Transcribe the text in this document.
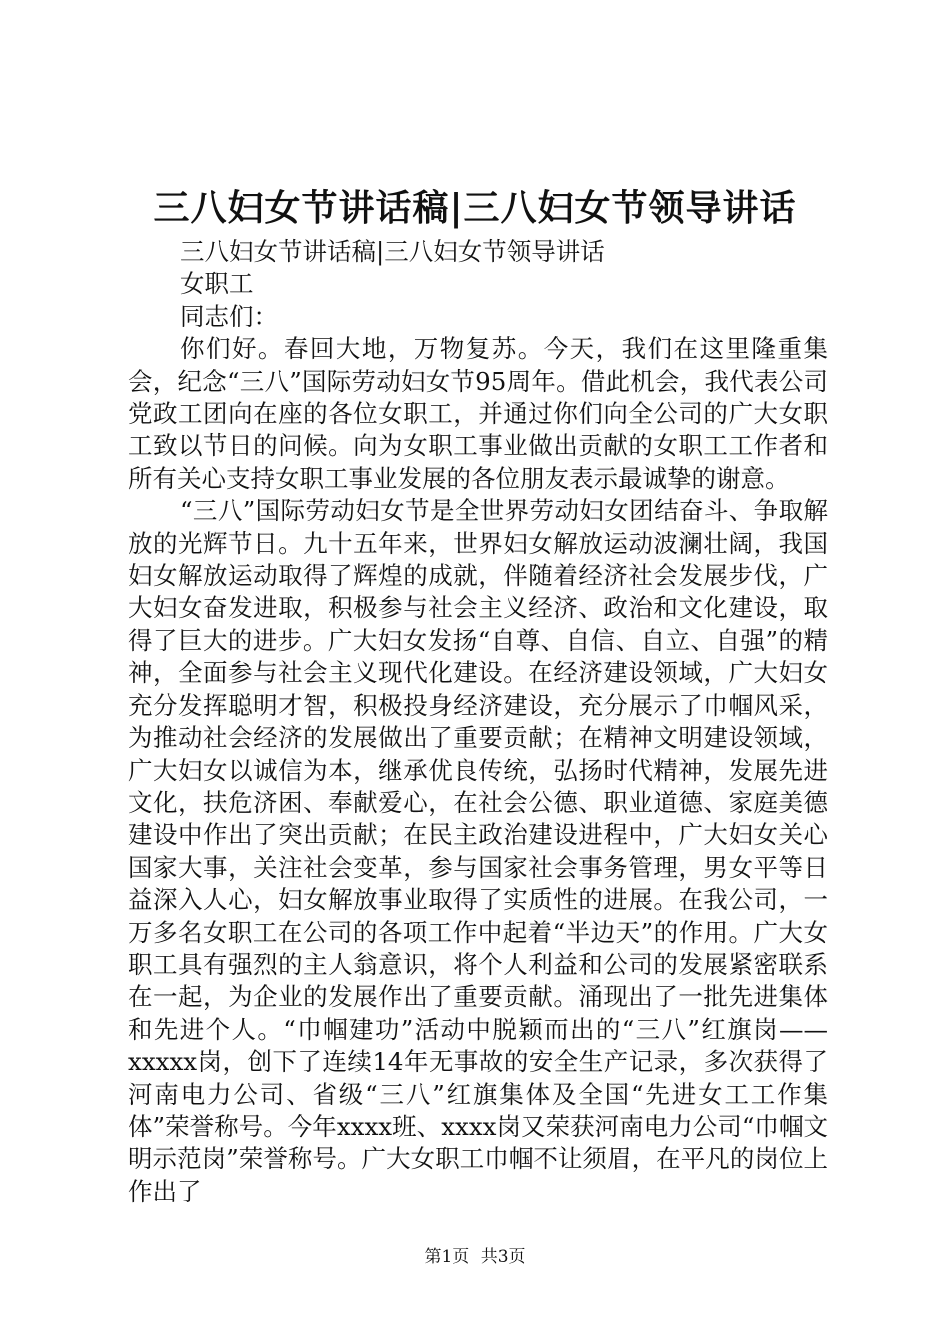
三八妇女节讲话稿|三八妇女节领导讲话

三八妇女节讲话稿|三八妇女节领导讲话

女职工

同志们：

你们好。春回大地，万物复苏。今天，我们在这里隆重集会，纪念“三八”国际劳动妇女节95周年。借此机会，我代表公司党政工团向在座的各位女职工，并通过你们向全公司的广大女职工致以节日的问候。向为女职工事业做出贡献的女职工工作者和所有关心支持女职工事业发展的各位朋友表示最诚挚的谢意。

“三八”国际劳动妇女节是全世界劳动妇女团结奋斗、争取解放的光辉节日。九十五年来，世界妇女解放运动波澜壮阔，我国妇女解放运动取得了辉煌的成就，伴随着经济社会发展步伐，广大妇女奋发进取，积极参与社会主义经济、政治和文化建设，取得了巨大的进步。广大妇女发扬“自尊、自信、自立、自强”的精神，全面参与社会主义现代化建设。在经济建设领域，广大妇女充分发挥聪明才智，积极投身经济建设，充分展示了巾帼风采，为推动社会经济的发展做出了重要贡献；在精神文明建设领域，广大妇女以诚信为本，继承优良传统，弘扬时代精神，发展先进文化，扶危济困、奉献爱心，在社会公德、职业道德、家庭美德建设中作出了突出贡献；在民主政治建设进程中，广大妇女关心国家大事，关注社会变革，参与国家社会事务管理，男女平等日益深入人心，妇女解放事业取得了实质性的进展。在我公司，一万多名女职工在公司的各项工作中起着“半边天”的作用。广大女职工具有强烈的主人翁意识，将个人利益和公司的发展紧密联系在一起，为企业的发展作出了重要贡献。涌现出了一批先进集体和先进个人。“巾帼建功”活动中脱颖而出的“三八”红旗岗——xxxxx岗，创下了连续14年无事故的安全生产记录，多次获得了河南电力公司、省级“三八”红旗集体及全国“先进女工工作集体”荣誉称号。今年xxxx班、xxxx岗又荣获河南电力公司“巾帼文明示范岗”荣誉称号。广大女职工巾帼不让须眉，在平凡的岗位上作出了

第1页 共3页
